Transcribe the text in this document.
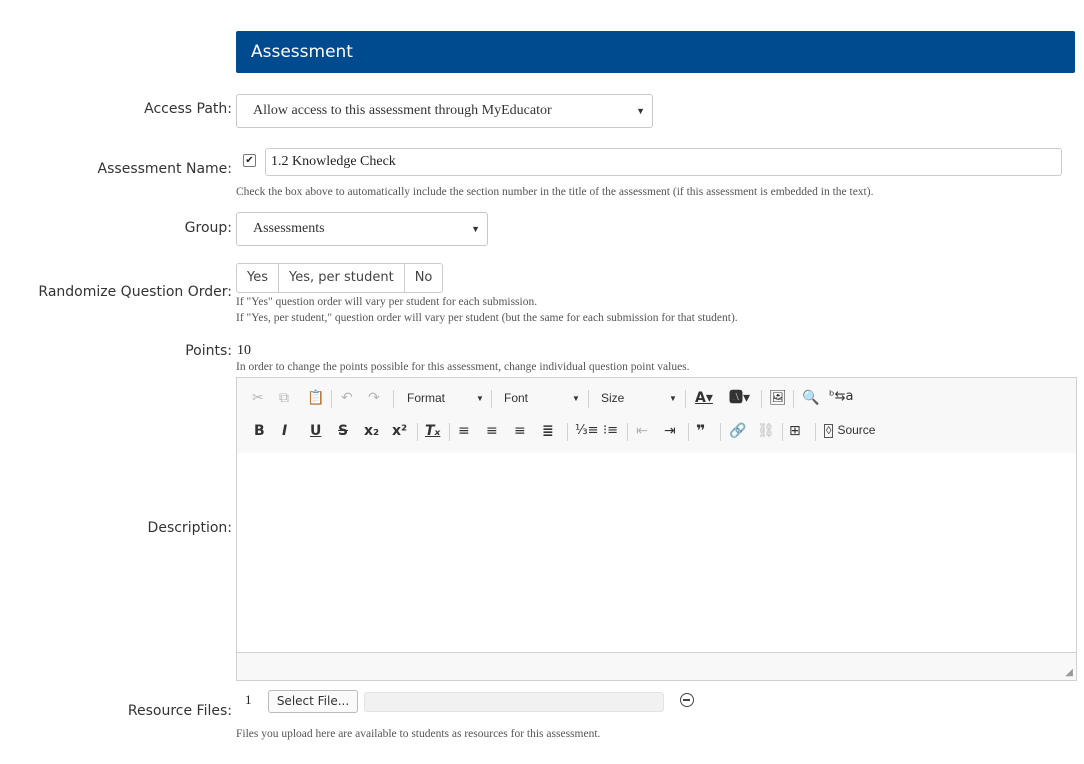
Assessment
Access Path:	Allow access to this assessment through MyEducator	▼
Assessment Name:
✔	1.2 Knowledge Check
Check the box above to automatically include the section number in the title of the assessment (if this assessment is embedded in the text).
Group:	Assessments	▼
Randomize Question Order:
Yes	Yes, per student	No
If "Yes" question order will vary per student for each submission.
If "Yes, per student," question order will vary per student (but the same for each submission for that student).
Points: 10
In order to change the points possible for this assessment, change individual question point values.
Description:
✂ ⧉ 📋 ↶ ↷ Format	▼ Font	▼ Size	▼ A▾ 🅰▾ 🖼 🔍 ᵇ⇆a
B I U S x₂ x² Tₓ ≡ ≡ ≡ ≣ ⅓≡ ⁝≡ ⇤ ⇥ ❞ 🔗 ⛓ ⊞ ◊ Source
◢
Resource Files:
1	Select File...
Files you upload here are available to students as resources for this assessment.
